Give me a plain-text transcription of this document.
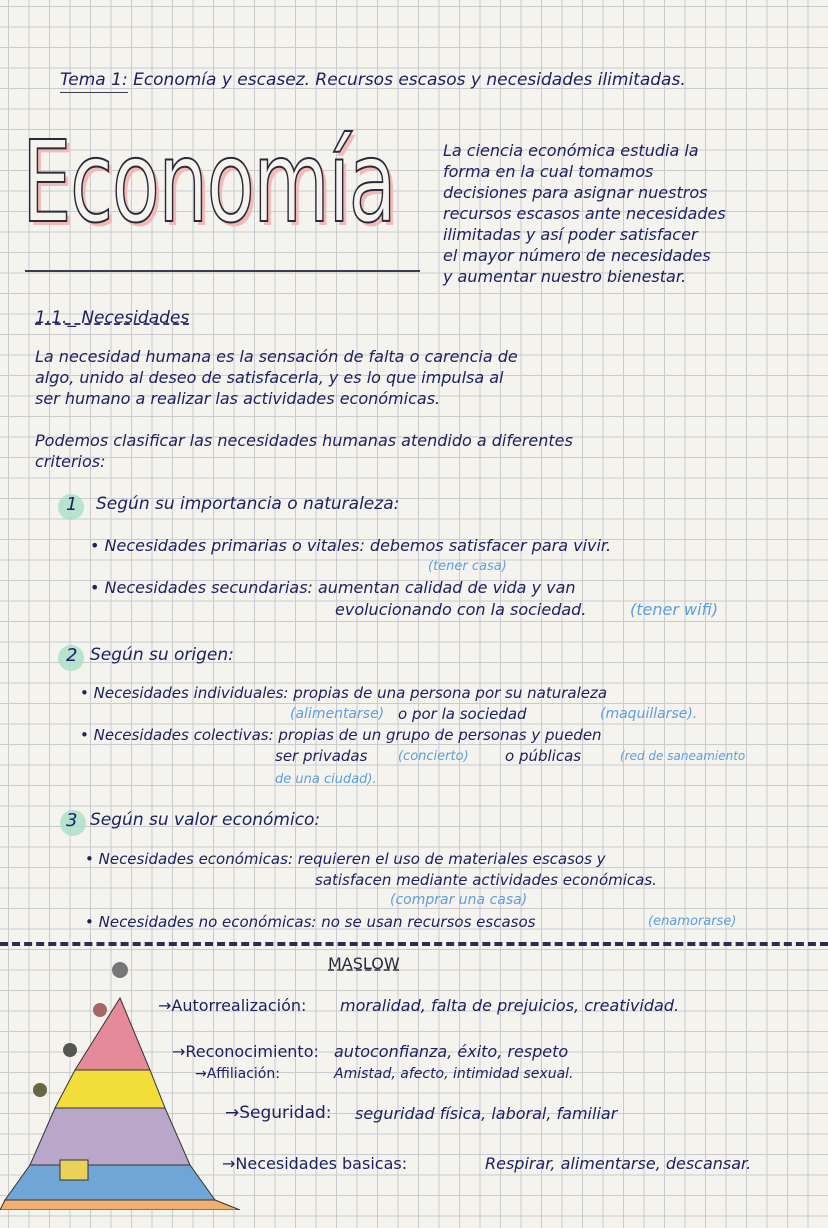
Tema 1: Economía y escasez. Recursos escasos y necesidades ilimitadas.
Economía	La ciencia económica estudia la
forma en la cual tomamos
decisiones para asignar nuestros
recursos escasos ante necesidades
ilimitadas y así poder satisfacer
el mayor número de necesidades
y aumentar nuestro bienestar.
1.1._ Necesidades
La necesidad humana es la sensación de falta o carencia de
algo, unido al deseo de satisfacerla, y es lo que impulsa al
ser humano a realizar las actividades económicas.
Podemos clasificar las necesidades humanas atendido a diferentes
criterios:
1 Según su importancia o naturaleza:
• Necesidades primarias o vitales: debemos satisfacer para vivir.
(tener casa)
• Necesidades secundarias: aumentan calidad de vida y van
evolucionando con la sociedad.	(tener wifi)
2 Según su origen:
• Necesidades individuales: propias de una persona por su naturaleza
(alimentarse) o por la sociedad	(maquillarse).
• Necesidades colectivas: propias de un grupo de personas y pueden
ser privadas (concierto) o públicas	(red de saneamiento
de una ciudad).
3 Según su valor económico:
• Necesidades económicas: requieren el uso de materiales escasos y
satisfacen mediante actividades económicas.
(comprar una casa)
• Necesidades no económicas: no se usan recursos escasos	(enamorarse)
MASLOW
→Autorrealización: moralidad, falta de prejuicios, creatividad.
→Reconocimiento: autoconfianza, éxito, respeto
→Affiliación:	Amistad, afecto, intimidad sexual.
→Seguridad: seguridad física, laboral, familiar
→Necesidades basicas:	Respirar, alimentarse, descansar.
